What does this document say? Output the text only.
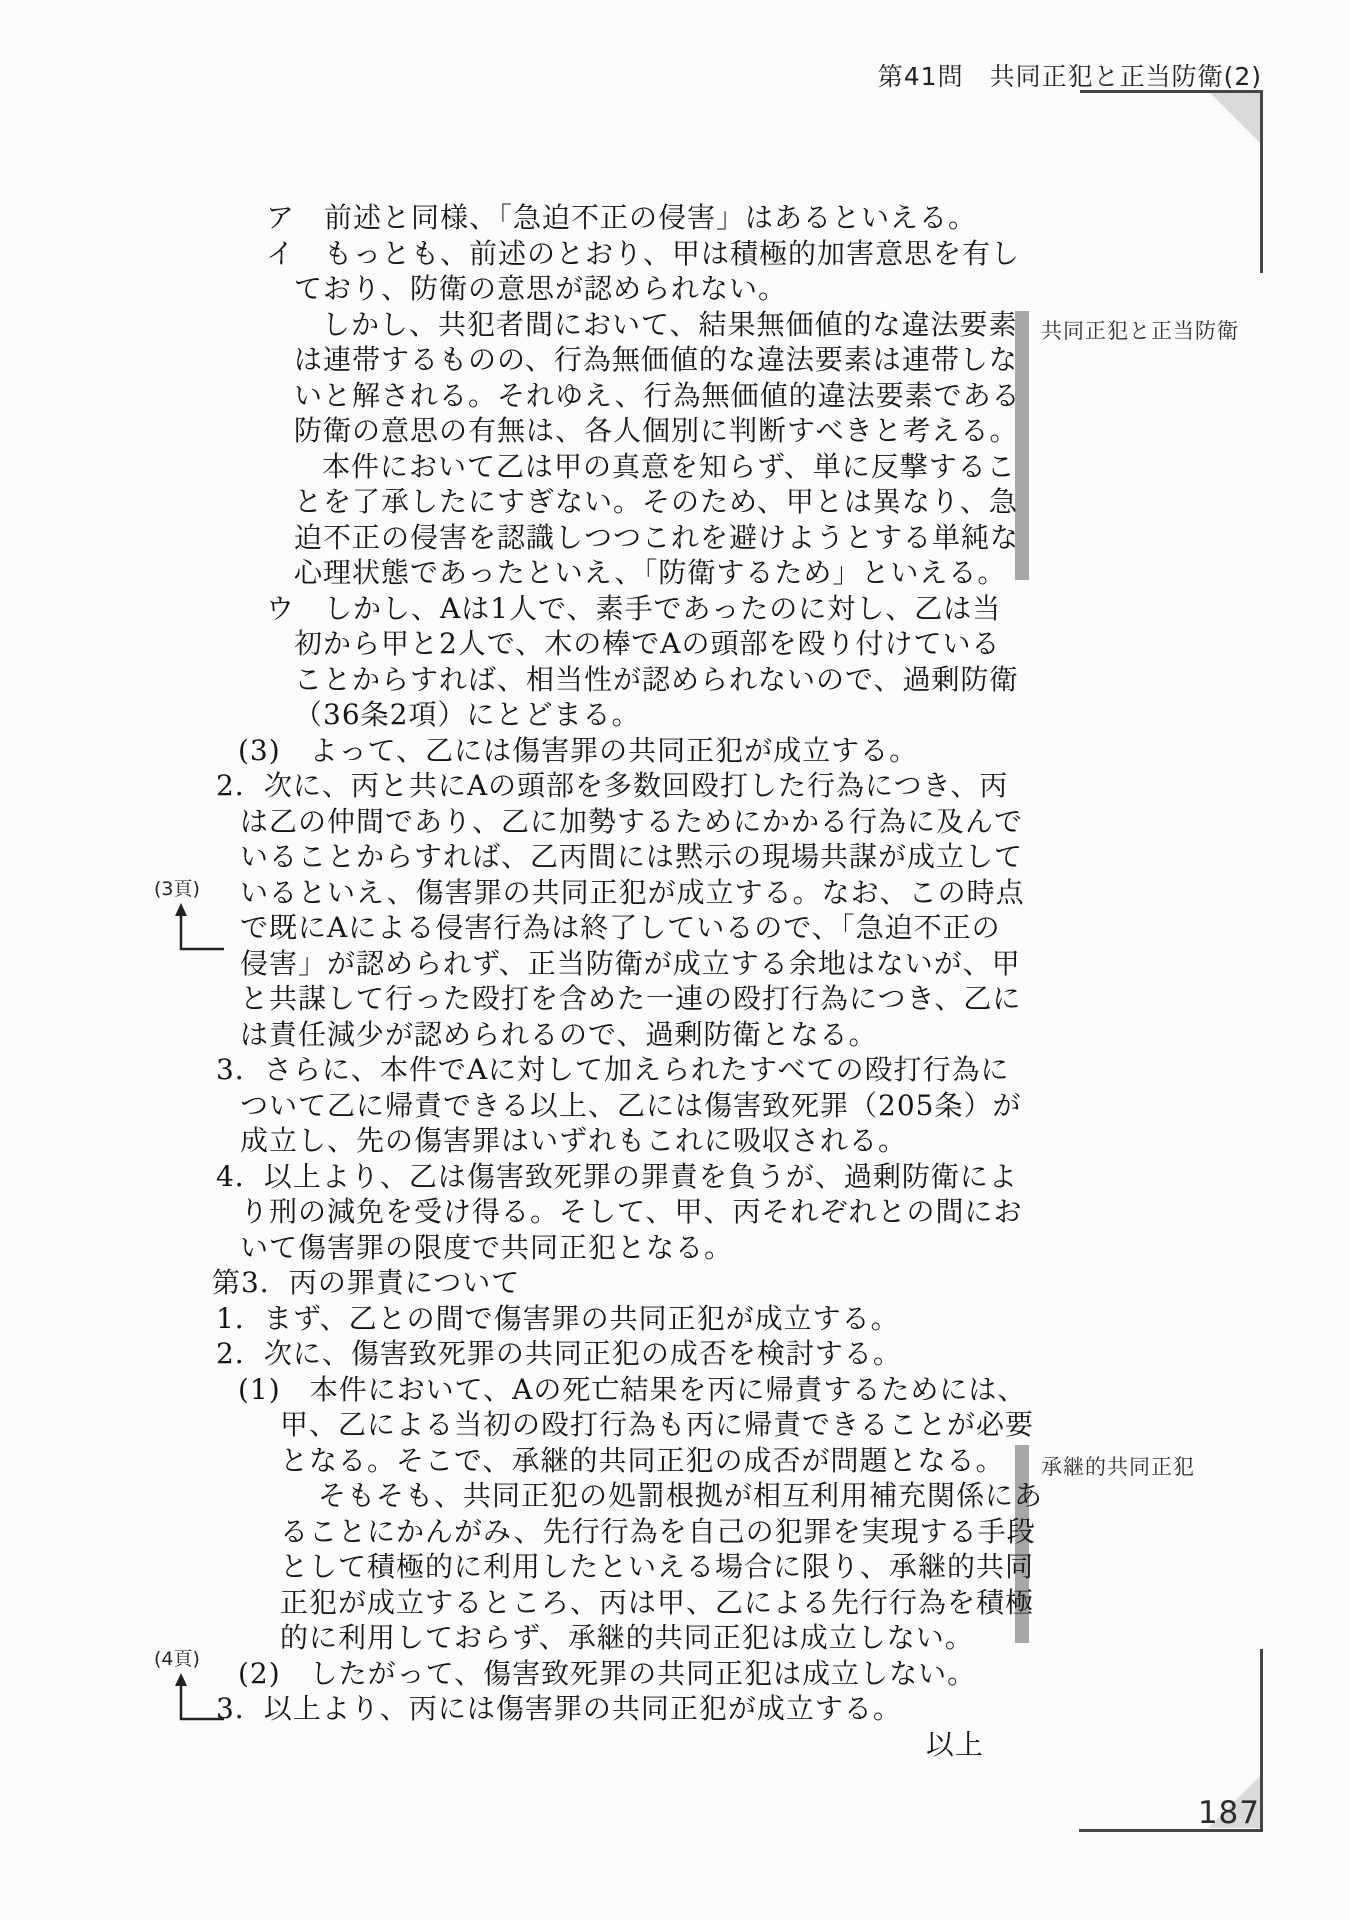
第41問　共同正犯と正当防衛(2)
187
共同正犯と正当防衛
承継的共同正犯
(3頁)
(4頁)
ア　前述と同様、「急迫不正の侵害」はあるといえる。
イ　もっとも、前述のとおり、甲は積極的加害意思を有し
ており、防衛の意思が認められない。
しかし、共犯者間において、結果無価値的な違法要素
は連帯するものの、行為無価値的な違法要素は連帯しな
いと解される。それゆえ、行為無価値的違法要素である
防衛の意思の有無は、各人個別に判断すべきと考える。
本件において乙は甲の真意を知らず、単に反撃するこ
とを了承したにすぎない。そのため、甲とは異なり、急
迫不正の侵害を認識しつつこれを避けようとする単純な
心理状態であったといえ、「防衛するため」といえる。
ウ　しかし、Aは1人で、素手であったのに対し、乙は当
初から甲と2人で、木の棒でAの頭部を殴り付けている
ことからすれば、相当性が認められないので、過剰防衛
（36条2項）にとどまる。
(3)　よって、乙には傷害罪の共同正犯が成立する。
2．次に、丙と共にAの頭部を多数回殴打した行為につき、丙
は乙の仲間であり、乙に加勢するためにかかる行為に及んで
いることからすれば、乙丙間には黙示の現場共謀が成立して
いるといえ、傷害罪の共同正犯が成立する。なお、この時点
で既にAによる侵害行為は終了しているので、「急迫不正の
侵害」が認められず、正当防衛が成立する余地はないが、甲
と共謀して行った殴打を含めた一連の殴打行為につき、乙に
は責任減少が認められるので、過剰防衛となる。
3．さらに、本件でAに対して加えられたすべての殴打行為に
ついて乙に帰責できる以上、乙には傷害致死罪（205条）が
成立し、先の傷害罪はいずれもこれに吸収される。
4．以上より、乙は傷害致死罪の罪責を負うが、過剰防衛によ
り刑の減免を受け得る。そして、甲、丙それぞれとの間にお
いて傷害罪の限度で共同正犯となる。
第3．丙の罪責について
1．まず、乙との間で傷害罪の共同正犯が成立する。
2．次に、傷害致死罪の共同正犯の成否を検討する。
(1)　本件において、Aの死亡結果を丙に帰責するためには、
甲、乙による当初の殴打行為も丙に帰責できることが必要
となる。そこで、承継的共同正犯の成否が問題となる。
そもそも、共同正犯の処罰根拠が相互利用補充関係にあ
ることにかんがみ、先行行為を自己の犯罪を実現する手段
として積極的に利用したといえる場合に限り、承継的共同
正犯が成立するところ、丙は甲、乙による先行行為を積極
的に利用しておらず、承継的共同正犯は成立しない。
(2)　したがって、傷害致死罪の共同正犯は成立しない。
3．以上より、丙には傷害罪の共同正犯が成立する。
以上
